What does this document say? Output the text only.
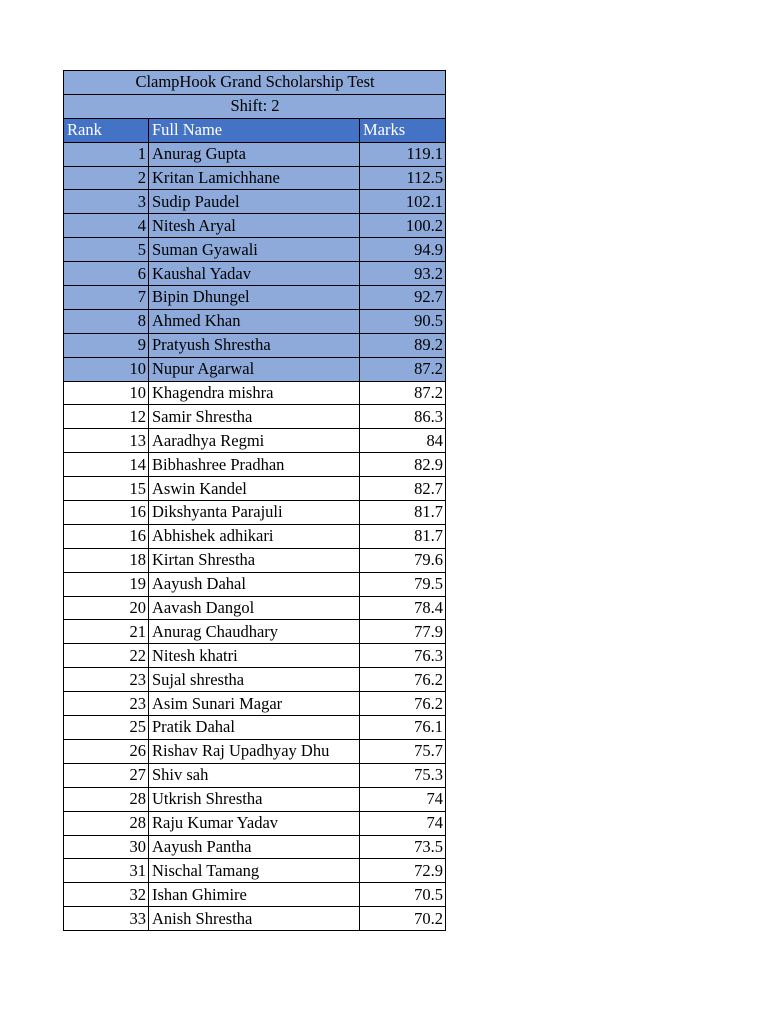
ClampHook Grand Scholarship Test		
Shift: 2		
Rank	Full Name	Marks
1	Anurag Gupta	119.1
2	Kritan Lamichhane	112.5
3	Sudip Paudel	102.1
4	Nitesh Aryal	100.2
5	Suman Gyawali	94.9
6	Kaushal Yadav	93.2
7	Bipin Dhungel	92.7
8	Ahmed Khan	90.5
9	Pratyush Shrestha	89.2
10	Nupur Agarwal	87.2
10	Khagendra mishra	87.2
12	Samir Shrestha	86.3
13	Aaradhya Regmi	84
14	Bibhashree Pradhan	82.9
15	Aswin Kandel	82.7
16	Dikshyanta Parajuli	81.7
16	Abhishek adhikari	81.7
18	Kirtan Shrestha	79.6
19	Aayush Dahal	79.5
20	Aavash Dangol	78.4
21	Anurag Chaudhary	77.9
22	Nitesh khatri	76.3
23	Sujal shrestha	76.2
23	Asim Sunari Magar	76.2
25	Pratik Dahal	76.1
26	Rishav Raj Upadhyay Dhu	75.7
27	Shiv sah	75.3
28	Utkrish Shrestha	74
28	Raju Kumar Yadav	74
30	Aayush Pantha	73.5
31	Nischal Tamang	72.9
32	Ishan Ghimire	70.5
33	Anish Shrestha	70.2
